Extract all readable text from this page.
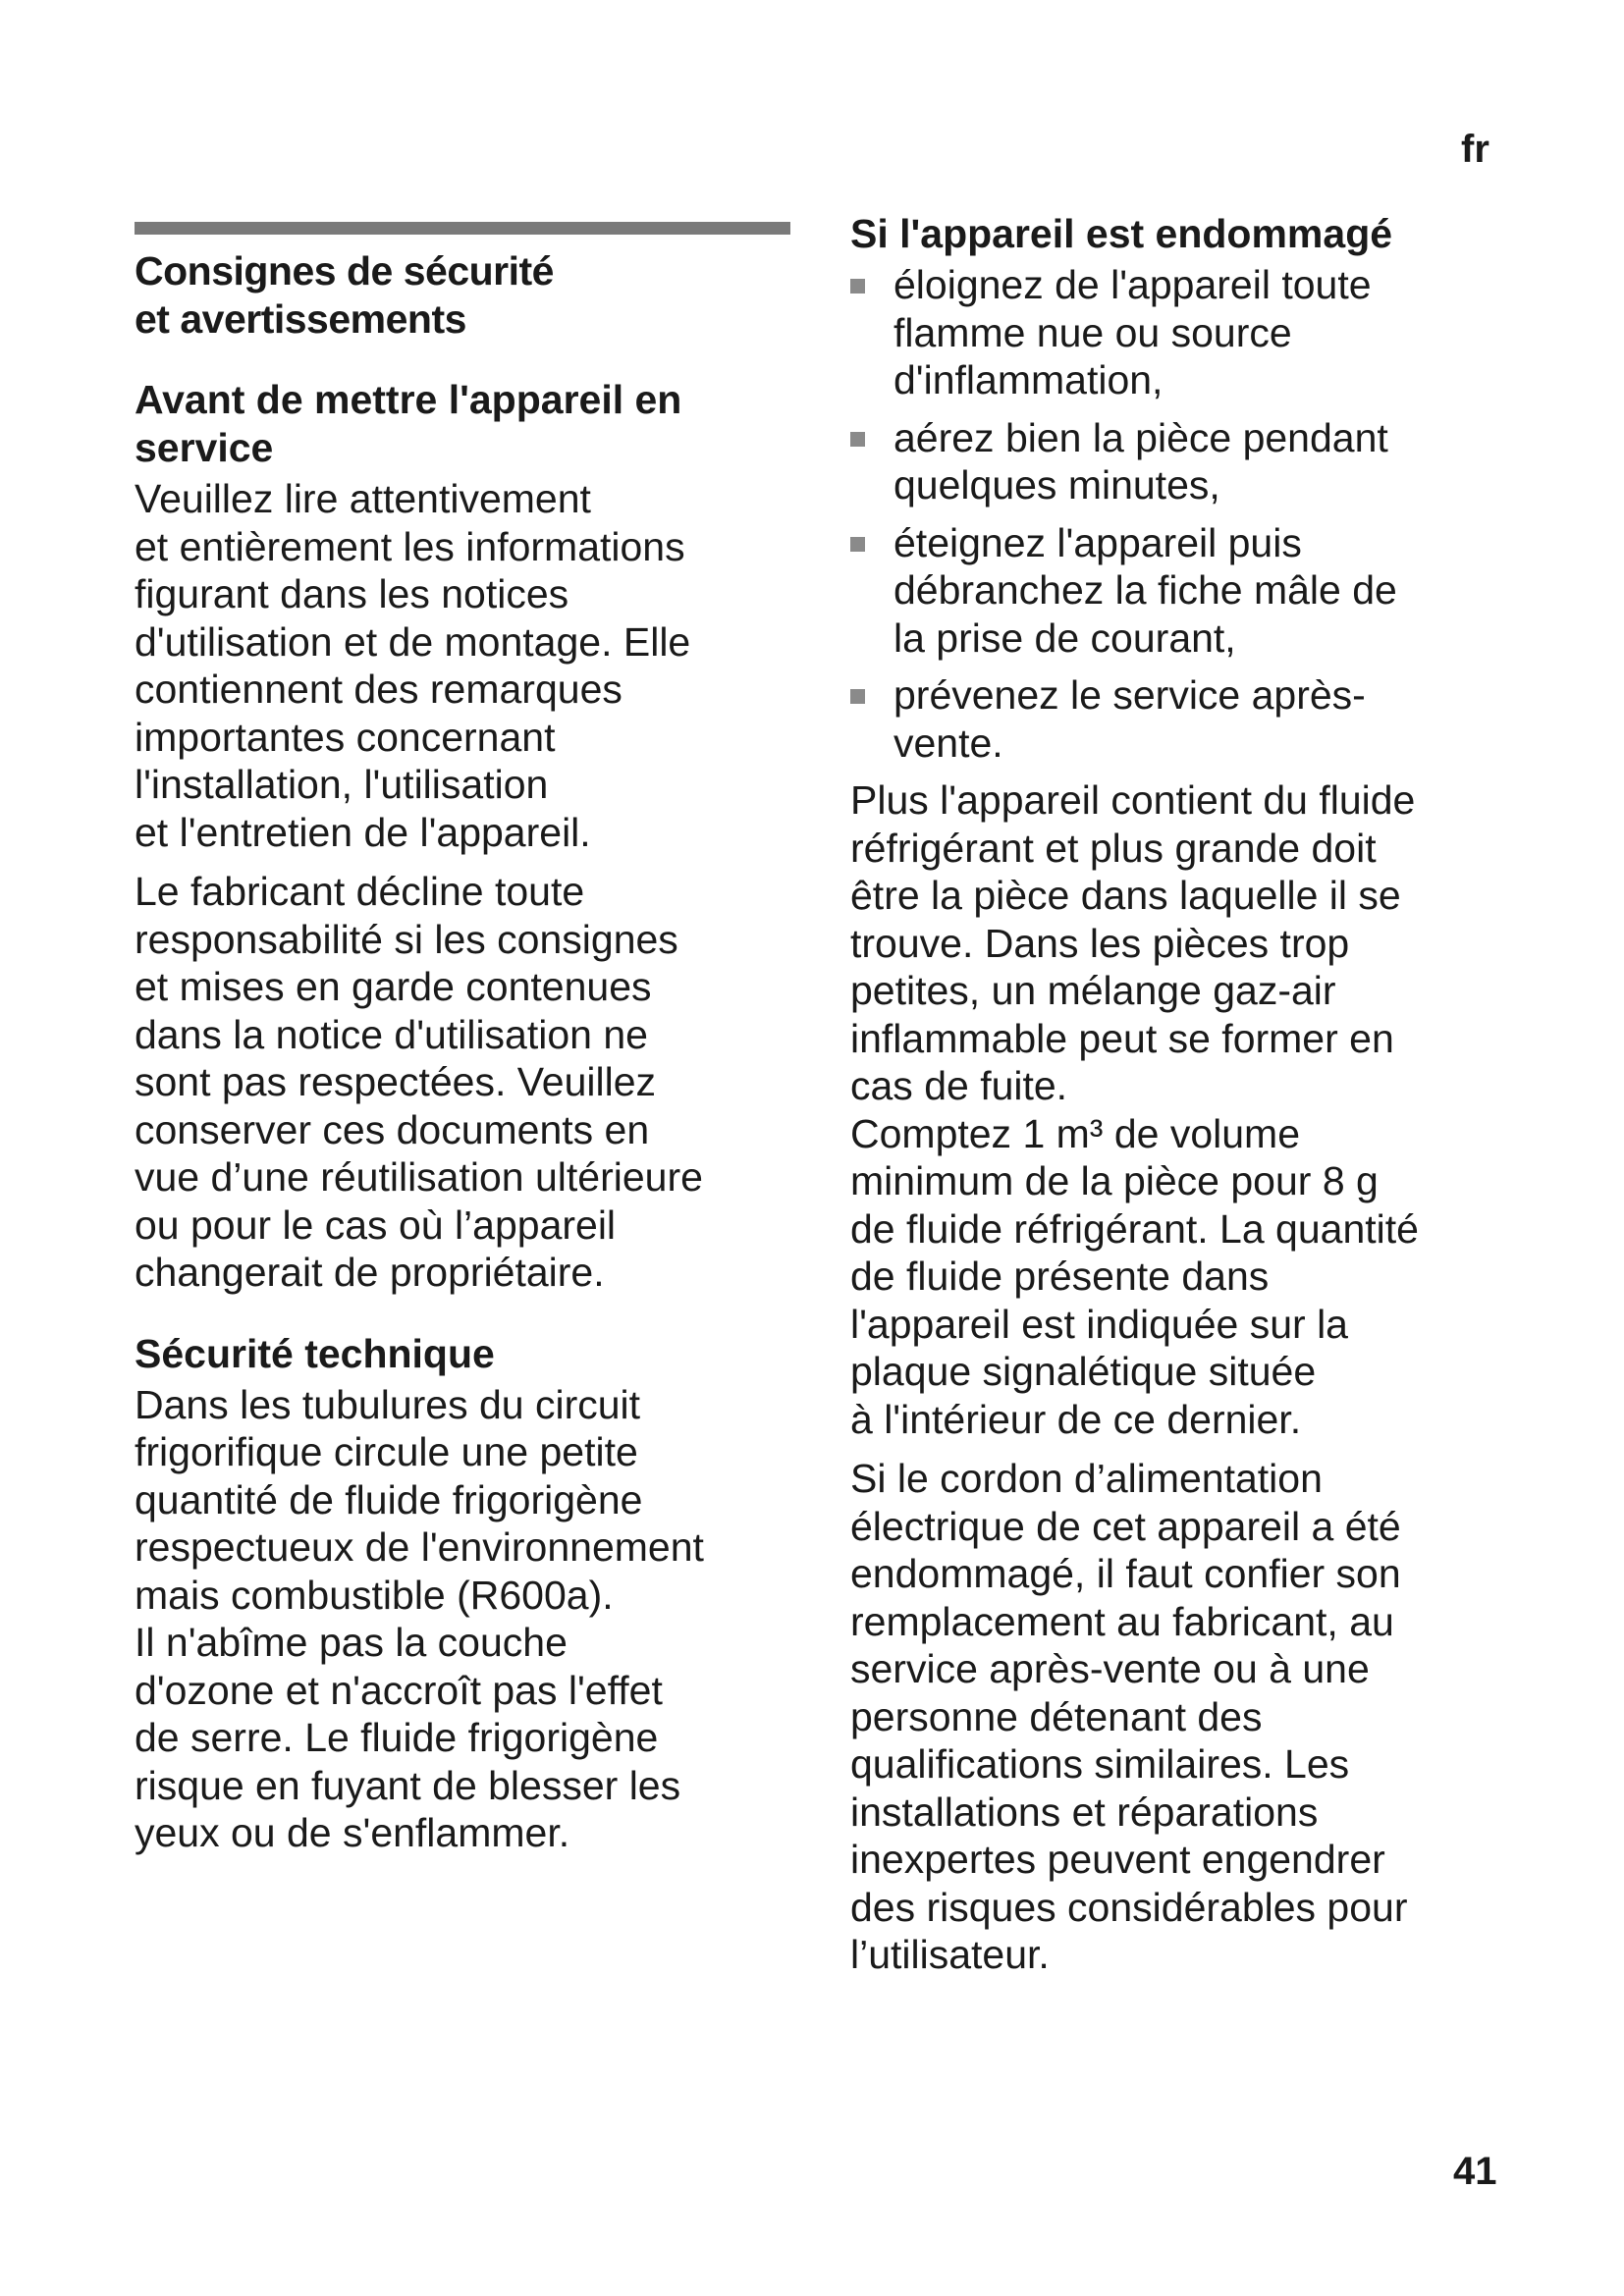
fr
Consignes de sécurité
et avertissements
Avant de mettre l'appareil en
service

Veuillez lire attentivement
et entièrement les informations
figurant dans les notices
d'utilisation et de montage. Elle
contiennent des remarques
importantes concernant
l'installation, l'utilisation
et l'entretien de l'appareil.

Le fabricant décline toute
responsabilité si les consignes
et mises en garde contenues
dans la notice d'utilisation ne
sont pas respectées. Veuillez
conserver ces documents en
vue d’une réutilisation ultérieure
ou pour le cas où l’appareil
changerait de propriétaire.

Sécurité technique

Dans les tubulures du circuit
frigorifique circule une petite
quantité de fluide frigorigène
respectueux de l'environnement
mais combustible (R600a).
Il n'abîme pas la couche
d'ozone et n'accroît pas l'effet
de serre. Le fluide frigorigène
risque en fuyant de blesser les
yeux ou de s'enflammer.

Si l'appareil est endommagé
éloignez de l'appareil toute
flamme nue ou source
d'inflammation,
aérez bien la pièce pendant
quelques minutes,
éteignez l'appareil puis
débranchez la fiche mâle de
la prise de courant,
prévenez le service après-
vente.

Plus l'appareil contient du fluide
réfrigérant et plus grande doit
être la pièce dans laquelle il se
trouve. Dans les pièces trop
petites, un mélange gaz-air
inflammable peut se former en
cas de fuite.
Comptez 1 m³ de volume
minimum de la pièce pour 8 g
de fluide réfrigérant. La quantité
de fluide présente dans
l'appareil est indiquée sur la
plaque signalétique située
à l'intérieur de ce dernier.

Si le cordon d’alimentation
électrique de cet appareil a été
endommagé, il faut confier son
remplacement au fabricant, au
service après-vente ou à une
personne détenant des
qualifications similaires. Les
installations et réparations
inexpertes peuvent engendrer
des risques considérables pour
l’utilisateur.

41
